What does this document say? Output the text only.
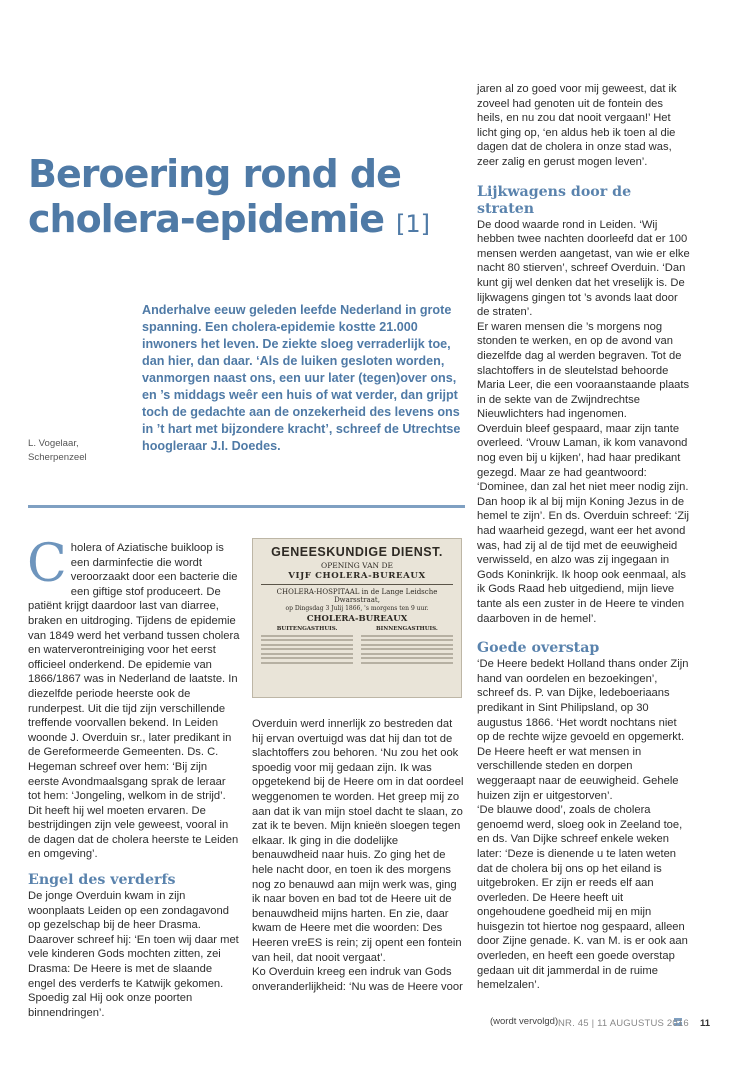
Beroering rond de
cholera-epidemie [1]

Anderhalve eeuw geleden leefde Nederland in grote spanning. Een cholera-epidemie kostte 21.000 inwoners het leven. De ziekte sloeg verraderlijk toe, dan hier, dan daar. ‘Als de luiken gesloten worden, vanmorgen naast ons, een uur later (tegen)over ons, en ’s middags weêr een huis of wat verder, dan grijpt toch de gedachte aan de onzekerheid des levens ons in ’t hart met bijzondere kracht’, schreef de Utrechtse hoogleraar J.I. Doedes.

L. Vogelaar,

Scherpenzeel

Cholera of Aziatische buikloop is een darminfectie die wordt veroorzaakt door een bacterie die een giftige stof produceert. De patiënt krijgt daardoor last van diarree, braken en uitdroging. Tijdens de epidemie van 1849 werd het verband tussen cholera en waterverontreiniging voor het eerst officieel onderkend. De epidemie van 1866/1867 was in Nederland de laatste. In diezelfde periode heerste ook de runderpest. Uit die tijd zijn verschillende treffende voorvallen bekend. In Leiden woonde J. Overduin sr., later predikant in de Gereformeerde Gemeenten. Ds. C. Hegeman schreef over hem: ‘Bij zijn eerste Avondmaalsgang sprak de leraar tot hem: ‘Jongeling, welkom in de strijd’. Dit heeft hij wel moeten ervaren. De bestrijdingen zijn vele geweest, vooral in de dagen dat de cholera heerste te Leiden en omgeving’.

Engel des verderfs

De jonge Overduin kwam in zijn woonplaats Leiden op een zondagavond op gezelschap bij de heer Drasma. Daarover schreef hij: ‘En toen wij daar met vele kinderen Gods mochten zitten, zei Drasma: De Heere is met de slaande engel des verderfs te Katwijk gekomen. Spoedig zal Hij ook onze poorten binnendringen’.

GENEESKUNDIGE DIENST.
OPENING VAN DE
VIJF CHOLERA-BUREAUX
CHOLERA-HOSPITAAL in de Lange Leidsche Dwarsstraat,
op Dingsdag 3 Julij 1866, 's morgens ten 9 uur.
CHOLERA-BUREAUX
BUITENGASTHUIS.	BINNENGASTHUIS.

Overduin werd innerlijk zo bestreden dat hij ervan overtuigd was dat hij dan tot de slachtoffers zou behoren. ‘Nu zou het ook spoedig voor mij gedaan zijn. Ik was opgetekend bij de Heere om in dat oordeel weggenomen te worden. Het greep mij zo aan dat ik van mijn stoel dacht te slaan, zo zat ik te beven. Mijn knieën sloegen tegen elkaar. Ik ging in die dodelijke benauwdheid naar huis. Zo ging het de hele nacht door, en toen ik des morgens nog zo benauwd aan mijn werk was, ging ik naar boven en bad tot de Heere uit de benauwdheid mijns harten. En zie, daar kwam de Heere met die woorden: Des Heeren vreES is rein; zij opent een fontein van heil, dat nooit vergaat’.

Ko Overduin kreeg een indruk van Gods onveranderlijkheid: ‘Nu was de Heere voor

jaren al zo goed voor mij geweest, dat ik zoveel had genoten uit de fontein des heils, en nu zou dat nooit vergaan!’ Het licht ging op, ‘en aldus heb ik toen al die dagen dat de cholera in onze stad was, zeer zalig en gerust mogen leven’.

Lijkwagens door de straten

De dood waarde rond in Leiden. ‘Wij hebben twee nachten doorleefd dat er 100 mensen werden aangetast, van wie er elke nacht 80 stierven’, schreef Overduin. ‘Dan kunt gij wel denken dat het vreselijk is. De lijkwagens gingen tot ’s avonds laat door de straten’.

Er waren mensen die ’s morgens nog stonden te werken, en op de avond van diezelfde dag al werden begraven. Tot de slachtoffers in de sleutelstad behoorde Maria Leer, die een vooraanstaande plaats in de sekte van de Zwijndrechtse Nieuwlichters had ingenomen.

Overduin bleef gespaard, maar zijn tante overleed. ‘Vrouw Laman, ik kom vanavond nog even bij u kijken’, had haar predikant gezegd. Maar ze had geantwoord: ‘Dominee, dan zal het niet meer nodig zijn. Dan hoop ik al bij mijn Koning Jezus in de hemel te zijn’. En ds. Overduin schreef: ‘Zij had waarheid gezegd, want eer het avond was, had zij al de tijd met de eeuwigheid verwisseld, en alzo was zij ingegaan in Gods Koninkrijk. Ik hoop ook eenmaal, als ik Gods Raad heb uitgediend, mijn lieve tante als een zuster in de Heere te vinden daarboven in de hemel’.

Goede overstap

‘De Heere bedekt Holland thans onder Zijn hand van oordelen en bezoekingen’, schreef ds. P. van Dijke, ledeboeriaans predikant in Sint Philipsland, op 30 augustus 1866. ‘Het wordt nochtans niet op de rechte wijze gevoeld en opgemerkt. De Heere heeft er wat mensen in verschillende steden en dorpen weggeraapt naar de eeuwigheid. Gehele huizen zijn er uitgestorven’.

‘De blauwe dood’, zoals de cholera genoemd werd, sloeg ook in Zeeland toe, en ds. Van Dijke schreef enkele weken later: ‘Deze is dienende u te laten weten dat de cholera bij ons op het eiland is uitgebroken. Er zijn er reeds elf aan overleden. De Heere heeft uit ongehoudene goedheid mij en mijn huisgezin tot hiertoe nog gespaard, alleen door Zijne genade. K. van M. is er ook aan overleden, en heeft een goede overstap gedaan uit dit jammerdal in de ruime hemelzalen’.

(wordt vervolgd) NR. 45 | 11 AUGUSTUS 2016 11
